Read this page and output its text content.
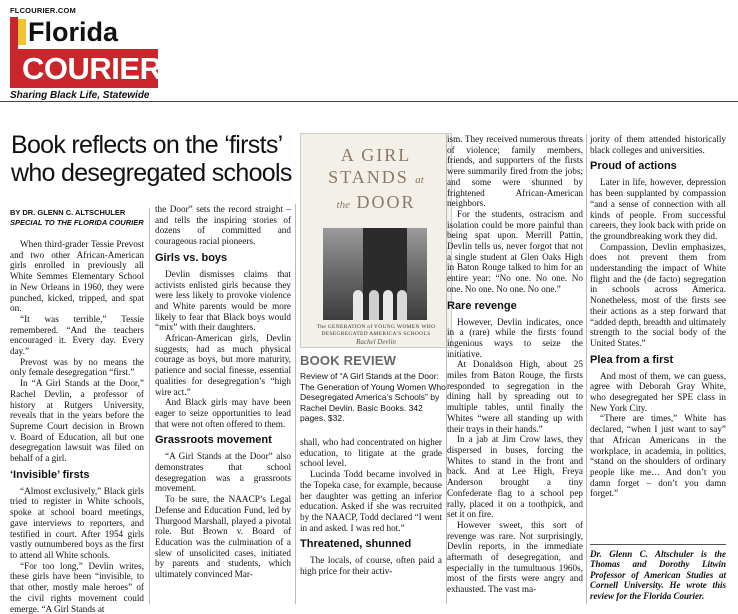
FLCOURIER.COM
Florida
COURIER
Sharing Black Life, Statewide
Book reflects on the ‘firsts’ who desegregated schools
BY DR. GLENN C. ALTSCHULER
SPECIAL TO THE FLORIDA COURIER

When third-grader Tessie Prevost and two other African-American girls enrolled in previously all White Semmes Elementary School in New Orleans in 1960, they were punched, kicked, tripped, and spat on.

“It was terrible,” Tessie remembered. “And the teachers encouraged it. Every day. Every day.”

Prevost was by no means the only female desegregation “first.”

In “A Girl Stands at the Door,” Rachel Devlin, a professor of history at Rutgers University, reveals that in the years before the Supreme Court decision in Brown v. Board of Education, all but one desegregation lawsuit was filed on behalf of a girl.

‘Invisible’ firsts

“Almost exclusively,” Black girls tried to register in White schools, spoke at school board meetings, gave interviews to reporters, and testified in court. After 1954 girls vastly outnumbered boys as the first to attend all White schools.

“For too long,” Devlin writes, these girls have been “invisible, to that other, mostly male heroes” of the civil rights movement could emerge. “A Girl Stands at

the Door” sets the record straight – and tells the inspiring stories of dozens of committed and courageous racial pioneers.

Girls vs. boys

Devlin dismisses claims that activists enlisted girls because they were less likely to provoke violence and White parents would be more likely to fear that Black boys would “mix” with their daughters.

African-American girls, Devlin suggests, had as much physical courage as boys, but more maturity, patience and social finesse, essential qualities for desegregation’s “high wire act.”

And Black girls may have been eager to seize opportunities to lead that were not often offered to them.

Grassroots movement

“A Girl Stands at the Door” also demonstrates that school desegregation was a grassroots movement.

To be sure, the NAACP’s Legal Defense and Education Fund, led by Thurgood Marshall, played a pivotal role. But Brown v. Board of Education was the culmination of a slew of unsolicited cases, initiated by parents and students, which ultimately convinced Mar-

A GIRL
STANDS at
the DOOR
The GENERATION of YOUNG WOMEN WHO DESEGREGATED AMERICA’S SCHOOLS
Rachel Devlin
BOOK REVIEW
Review of “A Girl Stands at the Door: The Generation of Young Women Who Desegregated America’s Schools” by Rachel Devlin. Basic Books. 342 pages. $32.

shall, who had concentrated on higher education, to litigate at the grade school level.

Lucinda Todd became involved in the Topeka case, for example, because her daughter was getting an inferior education. Asked if she was recruited by the NAACP, Todd declared “I went in and asked. I was red hot.”

Threatened, shunned

The locals, of course, often paid a high price for their activ-

ism. They received numerous threats of violence; family members, friends, and supporters of the firsts were summarily fired from the jobs; and some were shunned by frightened African-American neighbors.

For the students, ostracism and isolation could be more painful than being spat upon. Merrill Pattin, Devlin tells us, never forgot that not a single student at Glen Oaks High in Baton Rouge talked to him for an entire year: “No one. No one. No one. No one. No one. No one.”

Rare revenge

However, Devlin indicates, once in a (rare) while the firsts found ingenious ways to seize the initiative.

At Donaldson High, about 25 miles from Baton Rouge, the firsts responded to segregation in the dining hall by spreading out to multiple tables, until finally the Whites “were all standing up with their trays in their hands.”

In a jab at Jim Crow laws, they dispersed in buses, forcing the Whites to stand in the front and back. And at Lee High, Freya Anderson brought a tiny Confederate flag to a school pep rally, placed it on a toothpick, and set it on fire.

However sweet, this sort of revenge was rare. Not surprisingly, Devlin reports, in the immediate aftermath of desegregation, and especially in the tumultuous 1960s, most of the firsts were angry and exhausted. The vast ma-

jority of them attended historically black colleges and universities.

Proud of actions

Later in life, however, depression has been supplanted by compassion “and a sense of connection with all kinds of people. From successful careers, they look back with pride on the groundbreaking work they did.

Compassion, Devlin emphasizes, does not prevent them from understanding the impact of White flight and the (de facto) segregation in schools across America. Nonetheless, most of the firsts see their actions as a step forward that “added depth, breadth and ultimately strength to the social body of the United States.”

Plea from a first

And most of them, we can guess, agree with Deborah Gray White, who desegregated her SPE class in New York City.

“There are times,” White has declared, “when I just want to say” that African Americans in the workplace, in academia, in politics, “stand on the shoulders of ordinary people like me… And don’t you damn forget – don’t you damn forget.”

Dr. Glenn C. Altschuler is the Thomas and Dorothy Litwin Professor of American Studies at Cornell University. He wrote this review for the Florida Courier.
